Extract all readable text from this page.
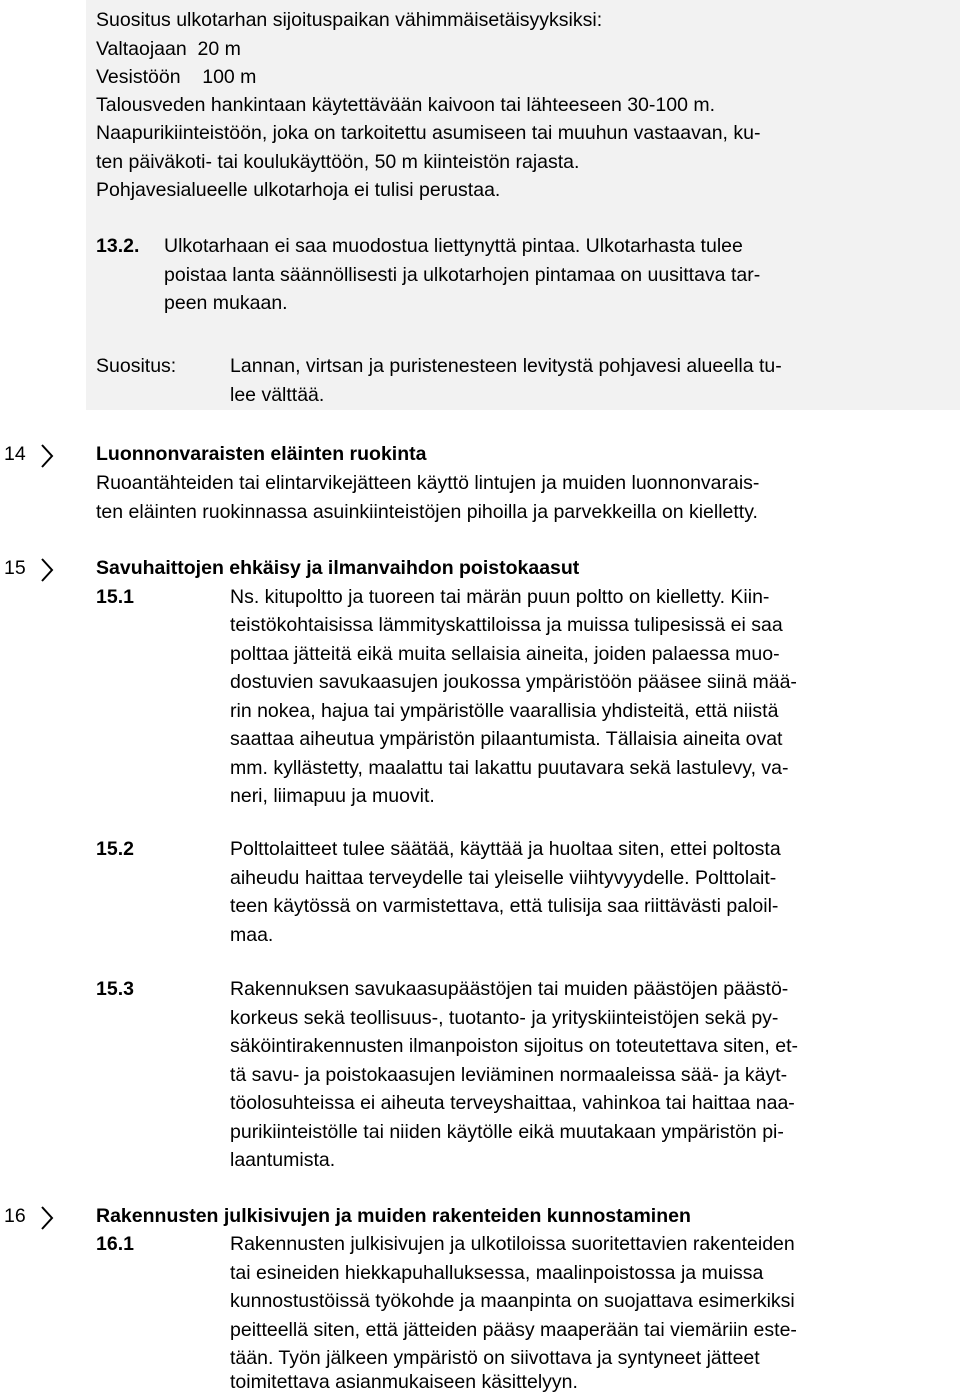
Suositus ulkotarhan sijoituspaikan vähimmäisetäisyyksiksi:
Valtaojaan  20 m
Vesistöön    100 m
Talousveden hankintaan käytettävään kaivoon tai lähteeseen 30-100 m.
Naapurikiinteistöön, joka on tarkoitettu asumiseen tai muuhun vastaavan, ku-
ten päiväkoti- tai koulukäyttöön, 50 m kiinteistön rajasta.
Pohjavesialueelle ulkotarhoja ei tulisi perustaa.
13.2. Ulkotarhaan ei saa muodostua liettynyttä pintaa. Ulkotarhasta tulee
poistaa lanta säännöllisesti ja ulkotarhojen pintamaa on uusittava tar-
peen mukaan.
Suositus:	Lannan, virtsan ja puristenesteen levitystä pohjavesi alueella tu-
lee välttää.
14	Luonnonvaraisten eläinten ruokinta
Ruoantähteiden tai elintarvikejätteen käyttö lintujen ja muiden luonnonvarais-
ten eläinten ruokinnassa asuinkiinteistöjen pihoilla ja parvekkeilla on kielletty.
15	Savuhaittojen ehkäisy ja ilmanvaihdon poistokaasut
15.1	Ns. kitupoltto ja tuoreen tai märän puun poltto on kielletty. Kiin-
teistökohtaisissa lämmityskattiloissa ja muissa tulipesissä ei saa
polttaa jätteitä eikä muita sellaisia aineita, joiden palaessa muo-
dostuvien savukaasujen joukossa ympäristöön pääsee siinä mää-
rin nokea, hajua tai ympäristölle vaarallisia yhdisteitä, että niistä
saattaa aiheutua ympäristön pilaantumista. Tällaisia aineita ovat
mm. kyllästetty, maalattu tai lakattu puutavara sekä lastulevy, va-
neri, liimapuu ja muovit.
15.2	Polttolaitteet tulee säätää, käyttää ja huoltaa siten, ettei poltosta
aiheudu haittaa terveydelle tai yleiselle viihtyvyydelle. Polttolait-
teen käytössä on varmistettava, että tulisija saa riittävästi paloil-
maa.
15.3	Rakennuksen savukaasupäästöjen tai muiden päästöjen päästö-
korkeus sekä teollisuus-, tuotanto- ja yrityskiinteistöjen sekä py-
säköintirakennusten ilmanpoiston sijoitus on toteutettava siten, et-
tä savu- ja poistokaasujen leviäminen normaaleissa sää- ja käyt-
töolosuhteissa ei aiheuta terveyshaittaa, vahinkoa tai haittaa naa-
purikiinteistölle tai niiden käytölle eikä muutakaan ympäristön pi-
laantumista.
16	Rakennusten julkisivujen ja muiden rakenteiden kunnostaminen
16.1	Rakennusten julkisivujen ja ulkotiloissa suoritettavien rakenteiden
tai esineiden hiekkapuhalluksessa, maalinpoistossa ja muissa
kunnostustöissä työkohde ja maanpinta on suojattava esimerkiksi
peitteellä siten, että jätteiden pääsy maaperään tai viemäriin este-
tään. Työn jälkeen ympäristö on siivottava ja syntyneet jätteet
toimitettava asianmukaiseen käsittelyyn.
